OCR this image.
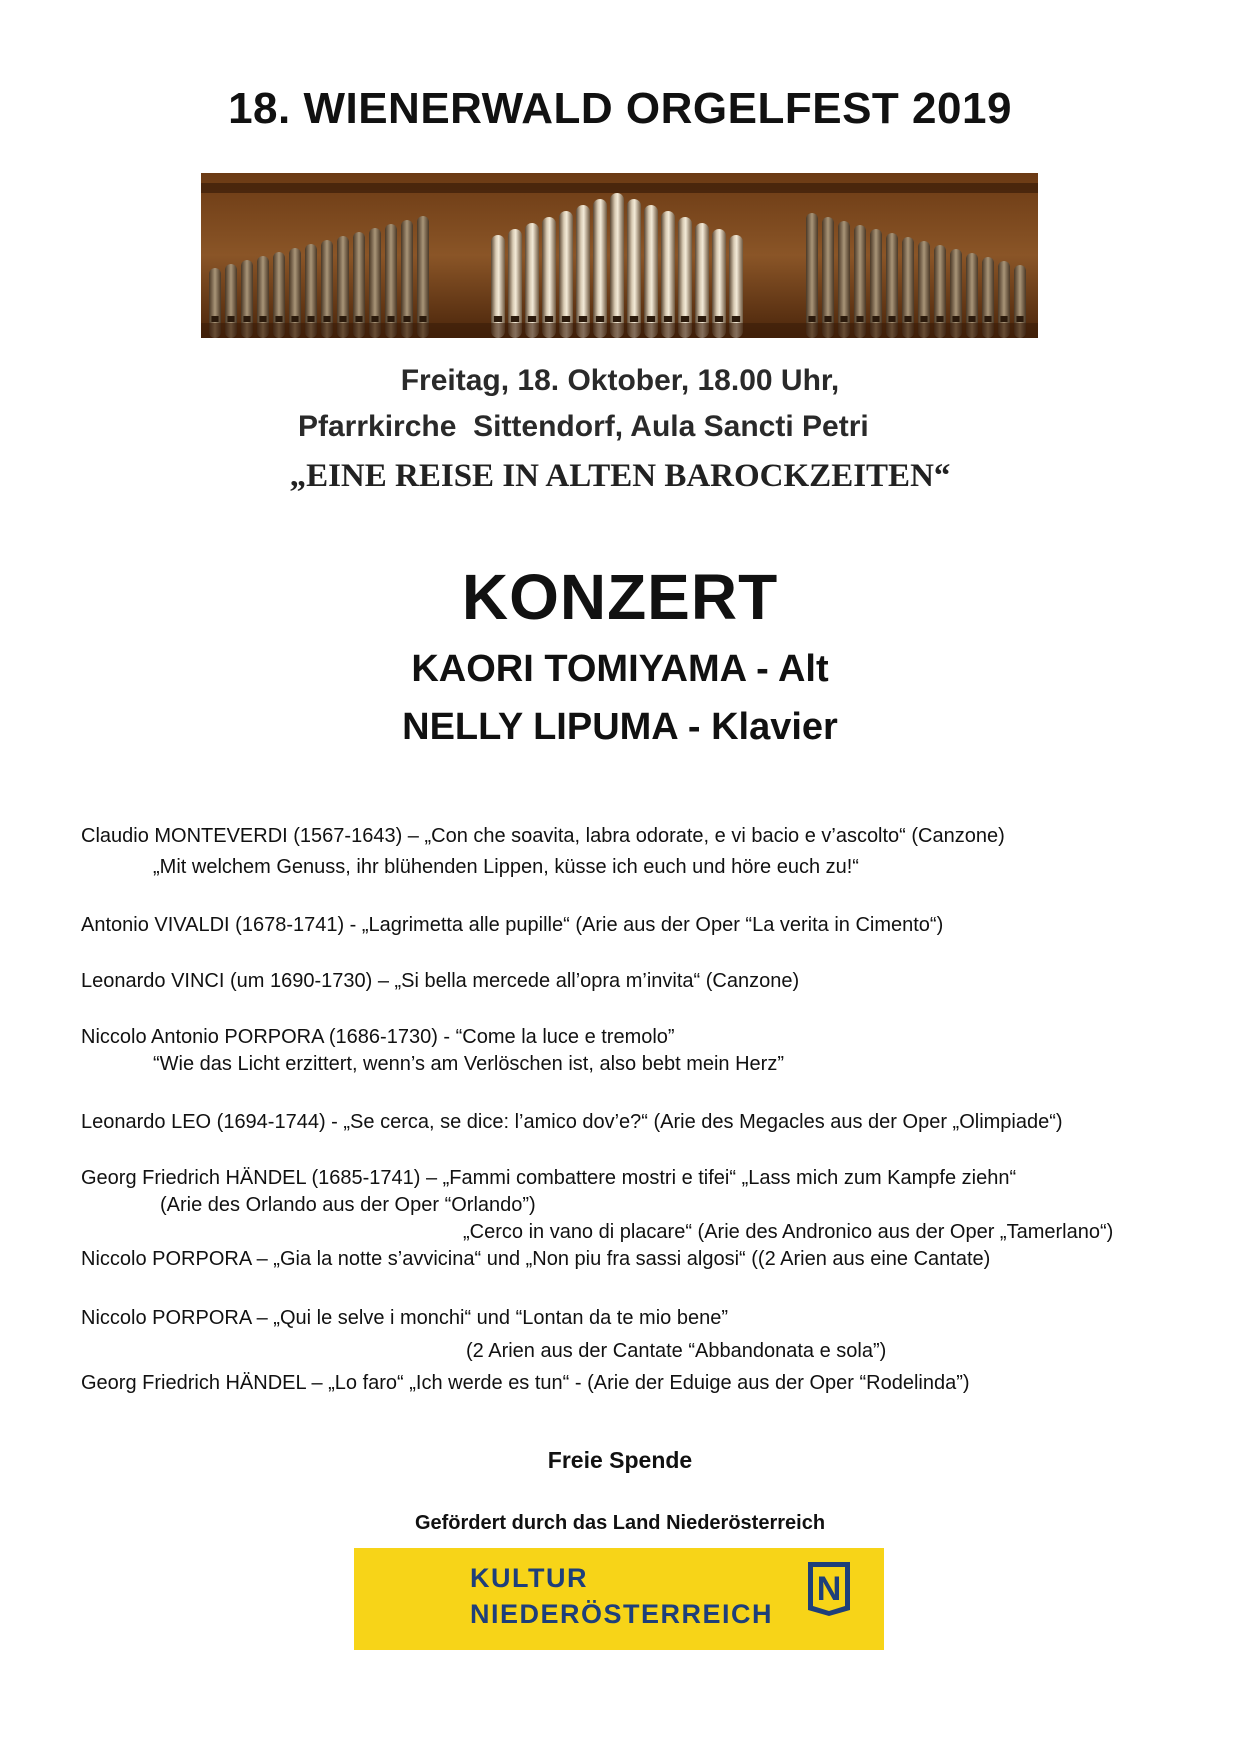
18. WIENERWALD ORGELFEST 2019
Freitag, 18. Oktober, 18.00 Uhr,
Pfarrkirche  Sittendorf, Aula Sancti Petri
„EINE REISE IN ALTEN BAROCKZEITEN“
KONZERT
KAORI TOMIYAMA - Alt
NELLY LIPUMA - Klavier
Claudio MONTEVERDI (1567-1643) – „Con che soavita, labra odorate, e vi bacio e v’ascolto“ (Canzone)
„Mit welchem Genuss, ihr blühenden Lippen, küsse ich euch und höre euch zu!“
Antonio VIVALDI (1678-1741) - „Lagrimetta alle pupille“ (Arie aus der Oper “La verita in Cimento“)
Leonardo VINCI (um 1690-1730) – „Si bella mercede all’opra m’invita“ (Canzone)
Niccolo Antonio PORPORA (1686-1730) - “Come la luce e tremolo”
“Wie das Licht erzittert, wenn’s am Verlöschen ist, also bebt mein Herz”
Leonardo LEO (1694-1744) - „Se cerca, se dice: l’amico dov’e?“ (Arie des Megacles aus der Oper „Olimpiade“)
Georg Friedrich HÄNDEL (1685-1741) – „Fammi combattere mostri e tifei“ „Lass mich zum Kampfe ziehn“
(Arie des Orlando aus der Oper “Orlando”)
„Cerco in vano di placare“ (Arie des Andronico aus der Oper „Tamerlano“)
Niccolo PORPORA – „Gia la notte s’avvicina“ und „Non piu fra sassi algosi“ ((2 Arien aus eine Cantate)
Niccolo PORPORA – „Qui le selve i monchi“ und “Lontan da te mio bene”
(2 Arien aus der Cantate “Abbandonata e sola”)
Georg Friedrich HÄNDEL – „Lo faro“ „Ich werde es tun“ - (Arie der Eduige aus der Oper “Rodelinda”)
Freie Spende
Gefördert durch das Land Niederösterreich
KULTUR
NIEDERÖSTERREICH
N
